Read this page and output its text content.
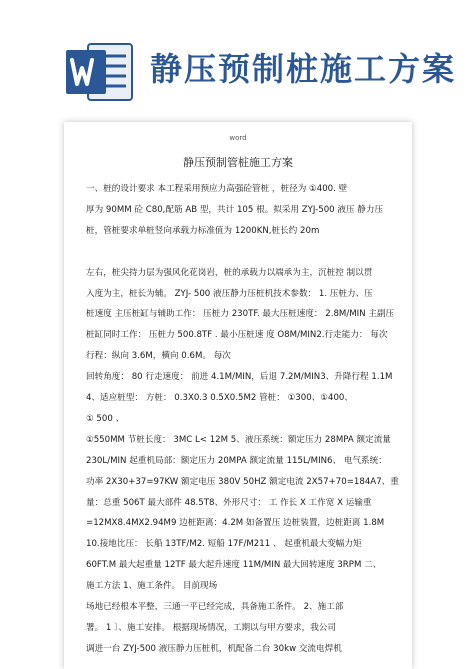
静压预制桩施工方案
word
静压预制管桩施工方案
一、桩的设计要求 本工程采用预应力高强砼管桩 ，桩径为 ①400. 壁
厚为 90MM 砼 C80,配筋 AB 型，共计 105 根。拟采用 ZYJ-500 液压 静力压
桩，管桩要求单桩竖向承载力标准值为 1200KN,桩长约 20m
左右，桩尖持力层为强风化花岗岩，桩的承载力以端承为主，沉桩控 制以贯
入度为主，桩长为辅。 ZYJ- 500 液压静力压桩机技术参数： 1. 压桩力、压
桩速度 主压桩缸与辅助工作： 压桩力 230TF. 最大压桩速度： 2.8M/MIN 主副压
桩缸同时工作： 压桩力 500.8TF . 最小压桩速 度 O8M/MIN2.行走能力： 每次
行程：纵向 3.6M，横向 0.6M。 每次
回转角度： 80 行走速度： 前进 4.1M/MIN，后退 7.2M/MIN3、升降行程 1.1M
4、适应桩型： 方桩： 0.3X0.3 0.5X0.5M2 管桩： ①300、①400、
① 500 、
①550MM 节桩长度： 3MC L< 12M 5、液压系统：额定压力 28MPA 额定流量
230L/MIN 起重机局部：额定压力 20MPA 额定流量 115L/MIN6、 电气系统：
功率 2X30+37=97KW 额定电压 380V 50HZ 额定电流 2X57+70=184A7、重
量：总重 506T 最大部件 48.5T8、外形尺寸： 工 作长 X 工作宽 X 运输重
=12MX8.4MX2.94M9 边桩距离：4.2M 如备置压 边桩装置，边桩距离 1.8M
10.接地比压： 长船 13TF/M2. 短船 17F/M211 、 起重机最大变幅力矩
60FT.M 最大起重量 12TF 最大起升速度 11M/MIN 最大回转速度 3RPM 二、
施工方法 1、施工条件。 目前现场
场地已经根本平整，三通一平已经完成，具备施工条件。 2、施工部
署。 1 〕、施工安排。 根据现场情况，工期以与甲方要求，我公司
调进一台 ZYJ-500 液压静力压桩机，机配备二台 30kw 交流电焊机
